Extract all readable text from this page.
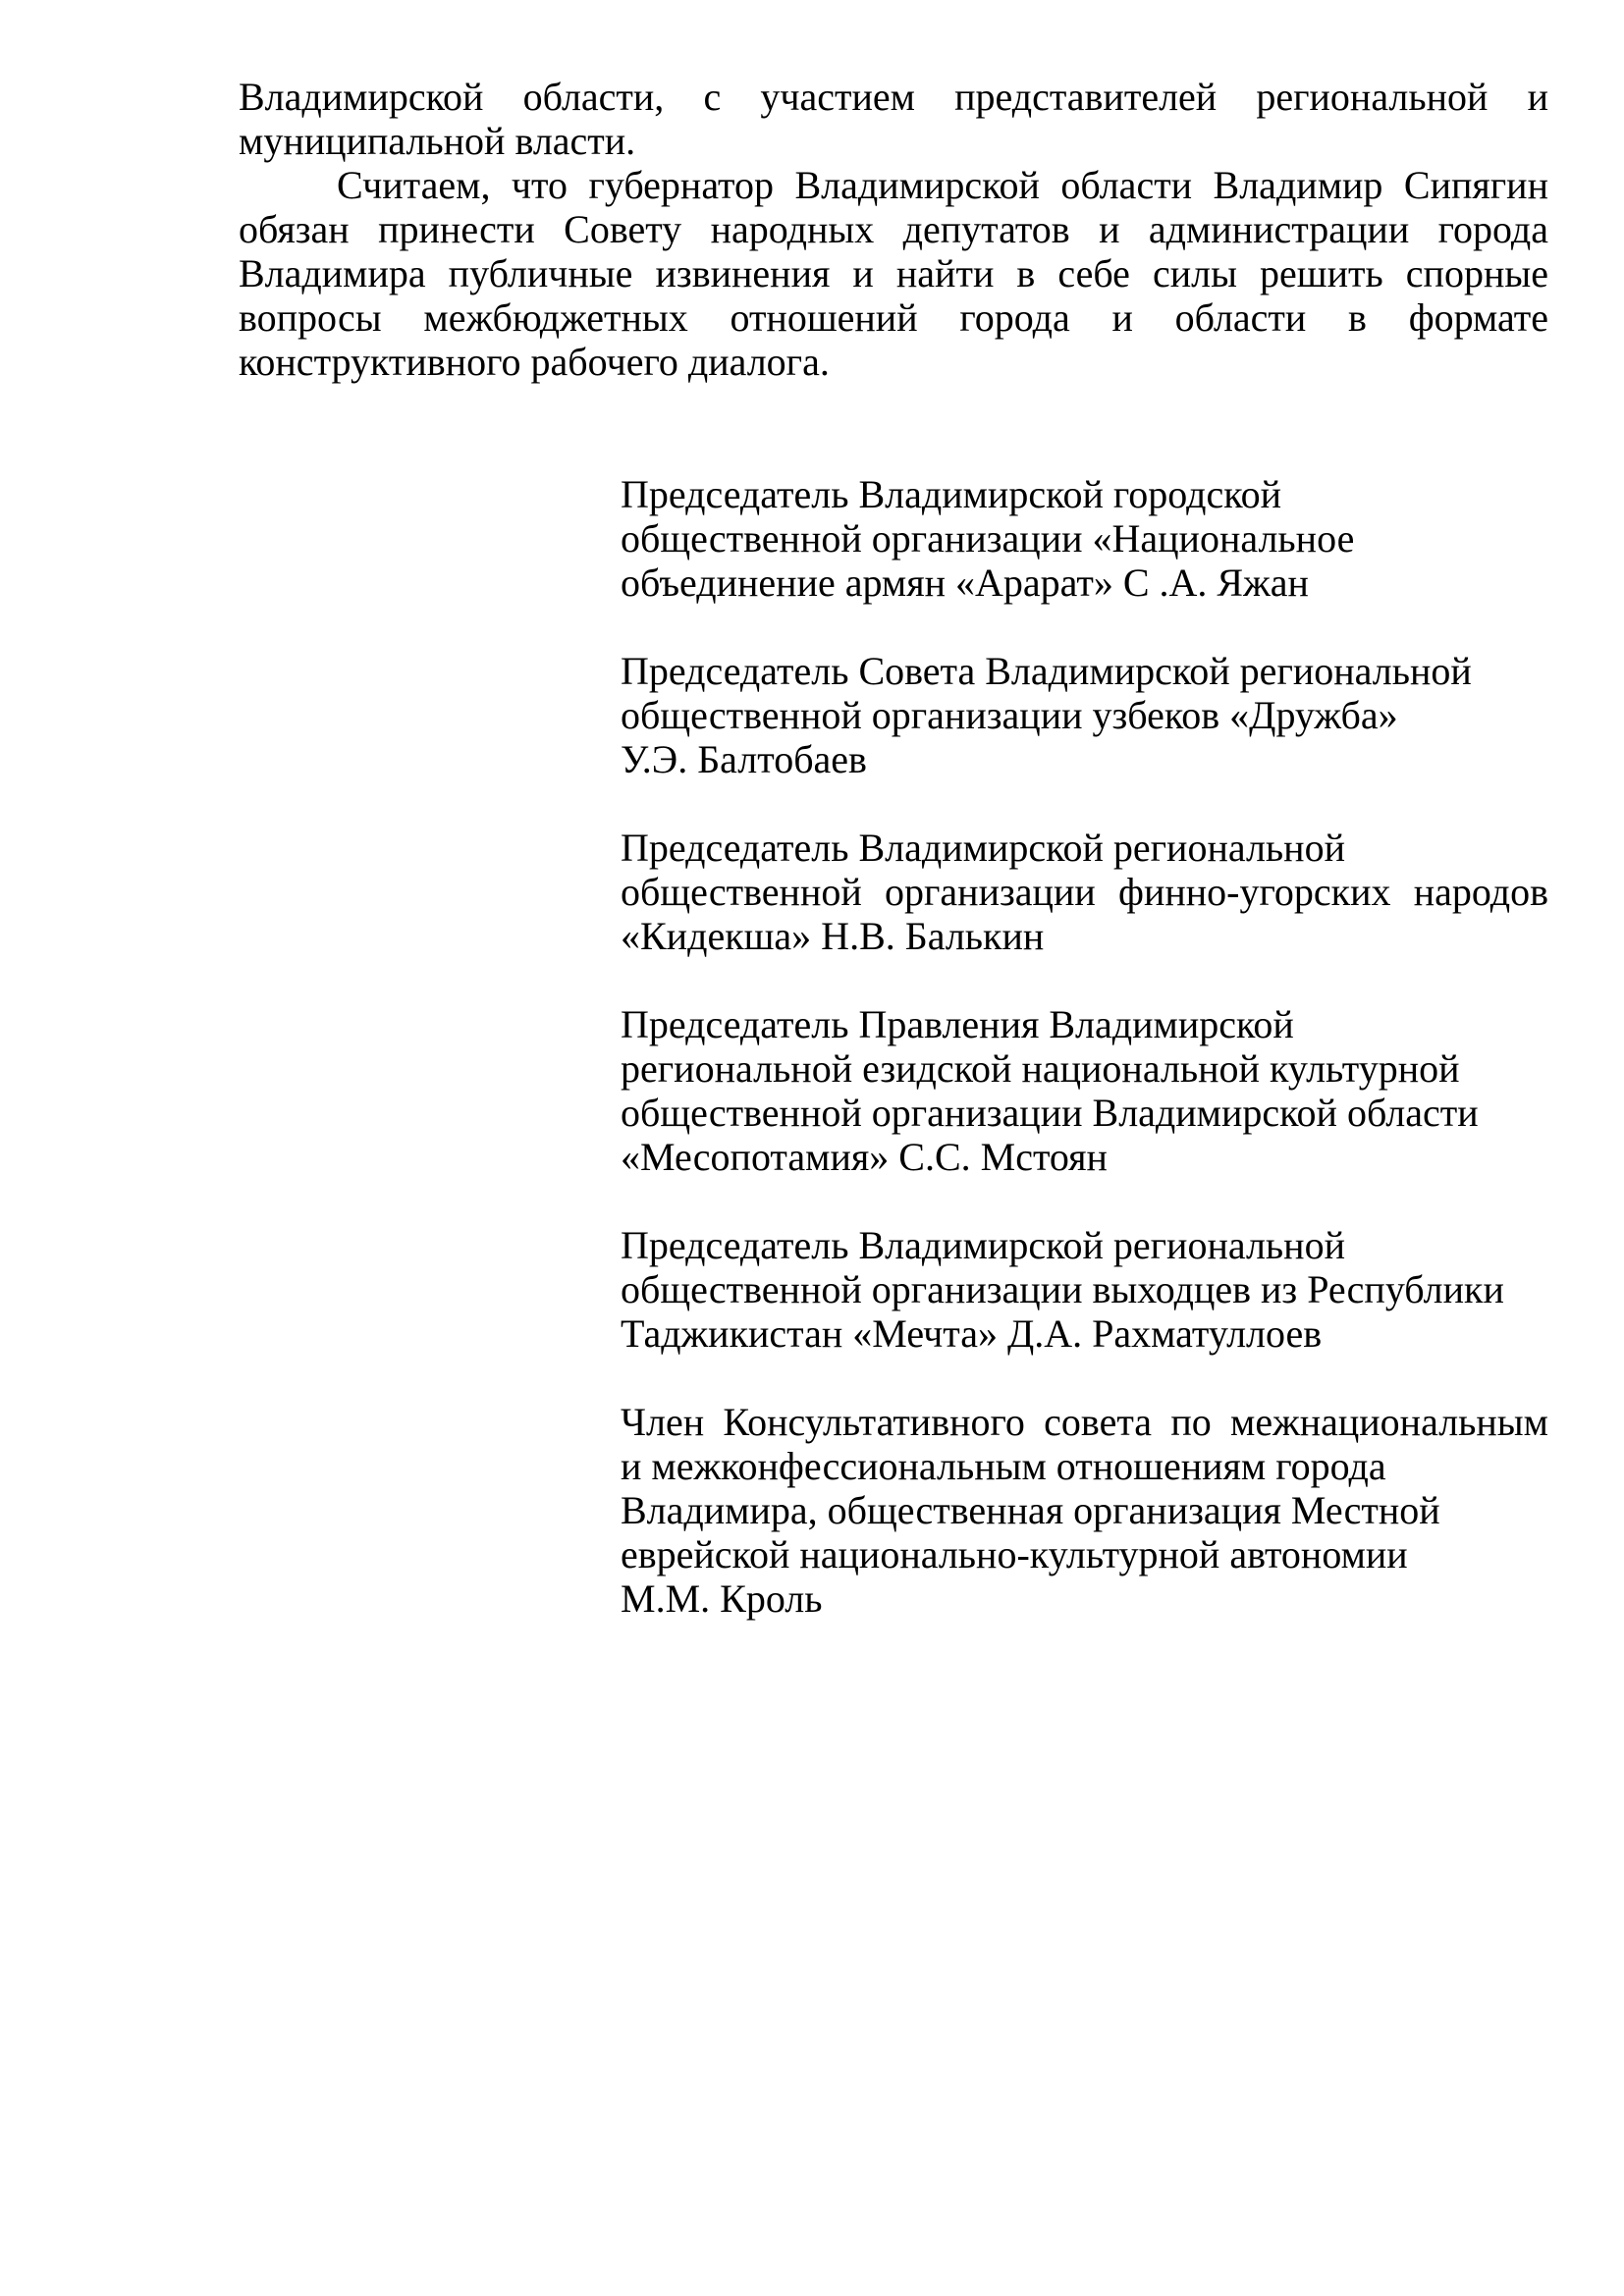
Владимирской области, с участием представителей региональной и
муниципальной власти.
Считаем, что губернатор Владимирской области Владимир Сипягин
обязан принести Совету народных депутатов и администрации города
Владимира публичные извинения и найти в себе силы решить спорные
вопросы межбюджетных отношений города и области в формате
конструктивного рабочего диалога.
Председатель Владимирской городской
общественной организации «Национальное
объединение армян «Арарат» С .А. Яжан
Председатель Совета Владимирской региональной
общественной организации узбеков «Дружба»
У.Э. Балтобаев
Председатель Владимирской региональной
общественной организации финно-угорских народов
«Кидекша» Н.В. Балькин
Председатель Правления Владимирской
региональной езидской национальной культурной
общественной организации Владимирской области
«Месопотамия» С.С. Мстоян
Председатель Владимирской региональной
общественной организации выходцев из Республики
Таджикистан «Мечта» Д.А. Рахматуллоев
Член Консультативного совета по межнациональным
и межконфессиональным отношениям города
Владимира, общественная организация Местной
еврейской национально-культурной автономии
М.М. Кроль
